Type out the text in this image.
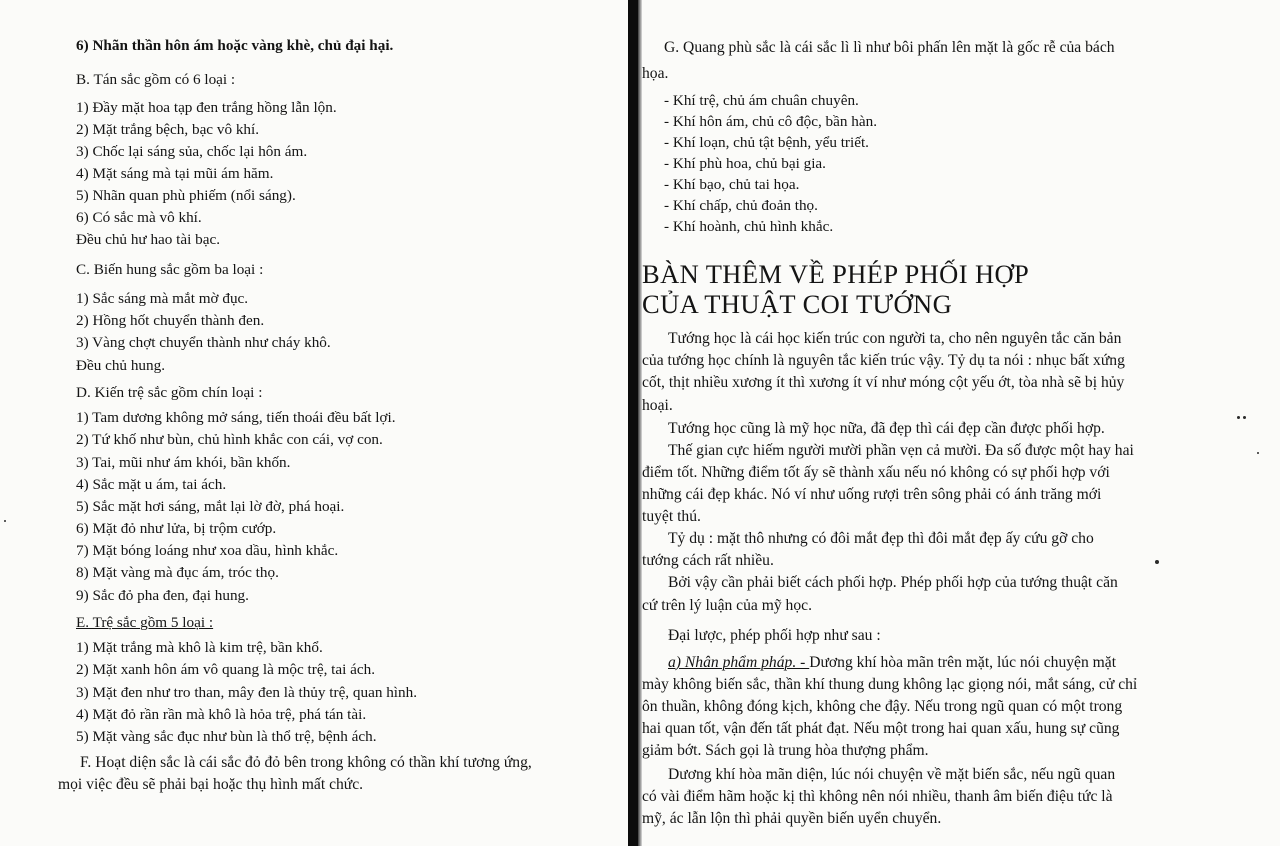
6) Nhãn thần hôn ám hoặc vàng khè, chủ đại hại.
B. Tán sắc gồm có 6 loại :
1) Đầy mặt hoa tạp đen trắng hồng lẫn lộn.
2) Mặt trắng bệch, bạc vô khí.
3) Chốc lại sáng sủa, chốc lại hôn ám.
4) Mặt sáng mà tại mũi ám hăm.
5) Nhãn quan phù phiếm (nổi sáng).
6) Có sắc mà vô khí.
Đều chủ hư hao tài bạc.
C. Biến hung sắc gồm ba loại :
1) Sắc sáng mà mắt mờ đục.
2) Hồng hốt chuyển thành đen.
3) Vàng chợt chuyển thành như cháy khô.
Đều chủ hung.
D. Kiến trệ sắc gồm chín loại :
1) Tam dương không mở sáng, tiến thoái đều bất lợi.
2) Tứ khố như bùn, chủ hình khắc con cái, vợ con.
3) Tai, mũi như ám khói, bần khốn.
4) Sắc mặt u ám, tai ách.
5) Sắc mặt hơi sáng, mắt lại lờ đờ, phá hoại.
6) Mặt đỏ như lửa, bị trộm cướp.
7) Mặt bóng loáng như xoa dầu, hình khắc.
8) Mặt vàng mà đục ám, tróc thọ.
9) Sắc đỏ pha đen, đại hung.
E. Trệ sắc gồm 5 loại :
1) Mặt trắng mà khô là kim trệ, bần khổ.
2) Mặt xanh hôn ám vô quang là mộc trệ, tai ách.
3) Mặt đen như tro than, mây đen là thủy trệ, quan hình.
4) Mặt đỏ rần rần mà khô là hỏa trệ, phá tán tài.
5) Mặt vàng sắc đục như bùn là thổ trệ, bệnh ách.
F. Hoạt diện sắc là cái sắc đỏ đỏ bên trong không có thần khí tương ứng,
mọi việc đều sẽ phải bại hoặc thụ hình mất chức.
G. Quang phù sắc là cái sắc lì lì như bôi phấn lên mặt là gốc rễ của bách
họa.
- Khí trệ, chủ ám chuân chuyên.
- Khí hôn ám, chủ cô độc, bần hàn.
- Khí loạn, chủ tật bệnh, yểu triết.
- Khí phù hoa, chủ bại gia.
- Khí bạo, chủ tai họa.
- Khí chấp, chủ đoản thọ.
- Khí hoành, chủ hình khắc.
BÀN THÊM VỀ PHÉP PHỐI HỢP
CỦA THUẬT COI TƯỚNG
Tướng học là cái học kiến trúc con người ta, cho nên nguyên tắc căn bản
của tướng học chính là nguyên tắc kiến trúc vậy. Tỷ dụ ta nói : nhục bất xứng
cốt, thịt nhiều xương ít thì xương ít ví như móng cột yếu ớt, tòa nhà sẽ bị hủy
hoại.
Tướng học cũng là mỹ học nữa, đã đẹp thì cái đẹp cần được phối hợp.
Thế gian cực hiếm người mười phần vẹn cả mười. Đa số được một hay hai
điểm tốt. Những điểm tốt ấy sẽ thành xấu nếu nó không có sự phối hợp với
những cái đẹp khác. Nó ví như uống rượi trên sông phải có ánh trăng mới
tuyệt thú.
Tỷ dụ : mặt thô nhưng có đôi mắt đẹp thì đôi mắt đẹp ấy cứu gỡ cho
tướng cách rất nhiều.
Bởi vậy cần phải biết cách phối hợp. Phép phối hợp của tướng thuật căn
cứ trên lý luận của mỹ học.
Đại lược, phép phối hợp như sau :
a) Nhân phẩm pháp. - Dương khí hòa mãn trên mặt, lúc nói chuyện mặt
mày không biến sắc, thần khí thung dung không lạc giọng nói, mắt sáng, cử chỉ
ôn thuần, không đóng kịch, không che đậy. Nếu trong ngũ quan có một trong
hai quan tốt, vận đến tất phát đạt. Nếu một trong hai quan xấu, hung sự cũng
giảm bớt. Sách gọi là trung hòa thượng phẩm.
Dương khí hòa mãn diện, lúc nói chuyện về mặt biến sắc, nếu ngũ quan
có vài điểm hãm hoặc kị thì không nên nói nhiều, thanh âm biến điệu tức là
mỹ, ác lẫn lộn thì phải quyền biến uyển chuyển.
